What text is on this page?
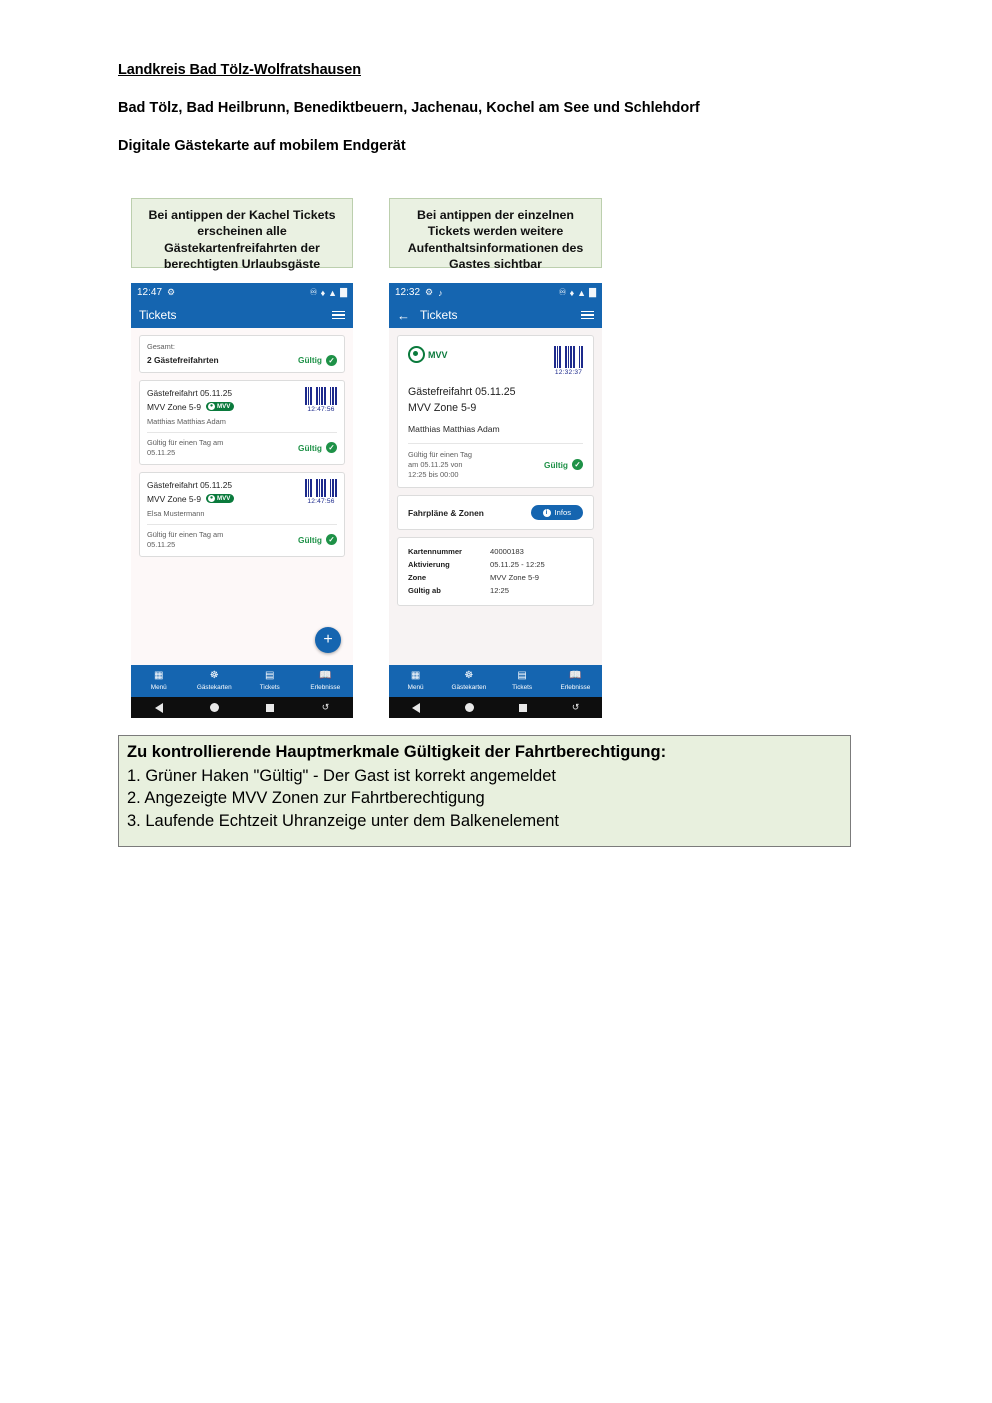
Landkreis Bad Tölz-Wolfratshausen
Bad Tölz, Bad Heilbrunn, Benediktbeuern, Jachenau, Kochel am See und Schlehdorf
Digitale Gästekarte auf mobilem Endgerät
Bei antippen der Kachel Tickets erscheinen alle Gästekartenfreifahrten der berechtigten Urlaubsgäste
Bei antippen der einzelnen Tickets werden weitere Aufenthaltsinformationen des Gastes sichtbar
12:47 ⚙	♾ ♦ ▲ ▇
Tickets
Gesamt:
2 Gästefreifahrten	Gültig ✓
Gästefreifahrt 05.11.25
MVV Zone 5-9	● MVV	12:47:56
Matthias Matthias Adam
Gültig für einen Tag am 05.11.25	Gültig ✓
Gästefreifahrt 05.11.25
MVV Zone 5-9	● MVV	12:47:56
Elsa Mustermann
Gültig für einen Tag am 05.11.25	Gültig ✓
+
▦
Menü
☸
Gästekarten
▤
Tickets
📖
Erlebnisse
↺
12:32 ⚙ ♪	♾ ♦ ▲ ▇
← Tickets
MVV
12:32:37
Gästefreifahrt 05.11.25
MVV Zone 5-9
Matthias Matthias Adam
Gültig für einen Tag
am 05.11.25 von
12:25 bis 00:00
Gültig ✓
Fahrpläne & Zonen	i Infos
Kartennummer	40000183
Aktivierung	05.11.25 - 12:25
Zone	MVV Zone 5-9
Gültig ab	12:25
▦
Menü
☸
Gästekarten
▤
Tickets
📖
Erlebnisse
↺
Zu kontrollierende Hauptmerkmale Gültigkeit der Fahrtberechtigung:
1. Grüner Haken "Gültig" - Der Gast ist korrekt angemeldet
2. Angezeigte MVV Zonen zur Fahrtberechtigung
3. Laufende Echtzeit Uhranzeige unter dem Balkenelement
